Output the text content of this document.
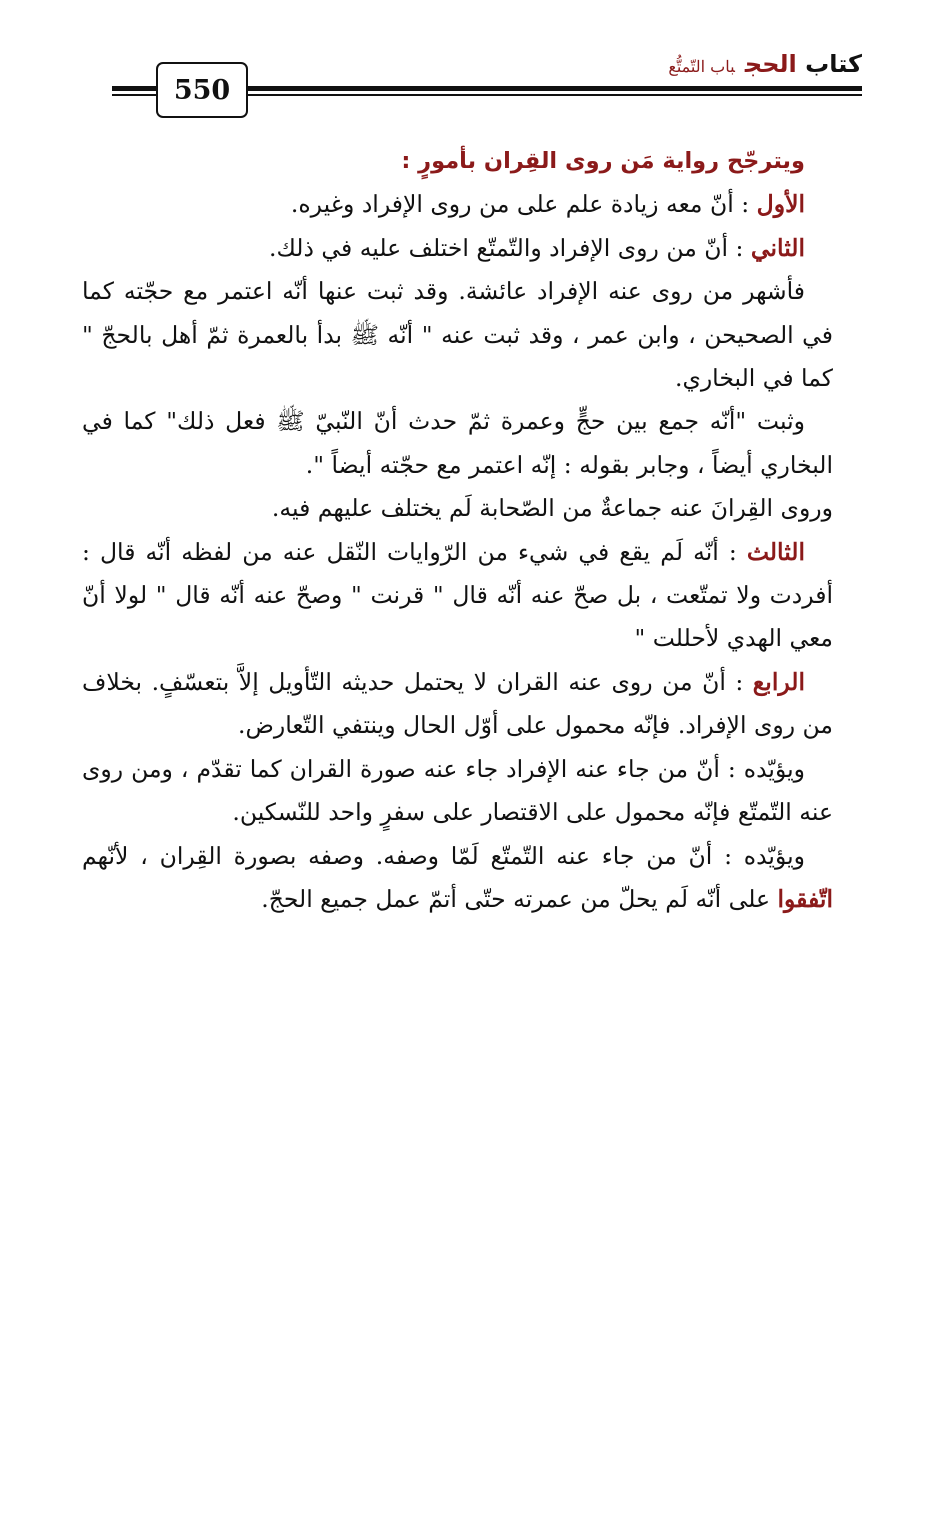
550
كتاب الحجباب التّمتُّع

ويترجّح رواية مَن روى القِران بأمورٍ :

الأول : أنّ معه زيادة علم على من روى الإفراد وغيره.

الثاني : أنّ من روى الإفراد والتّمتّع اختلف عليه في ذلك.

فأشهر من روى عنه الإفراد عائشة. وقد ثبت عنها أنّه اعتمر مع حجّته كما في الصحيحن ، وابن عمر ، وقد ثبت عنه " أنّه ﷺ بدأ بالعمرة ثمّ أهل بالحجّ " كما في البخاري.

وثبت "أنّه جمع بين حجٍّ وعمرة ثمّ حدث أنّ النّبيّ ﷺ فعل ذلك" كما في البخاري أيضاً ، وجابر بقوله : إنّه اعتمر مع حجّته أيضاً ".

وروى القِرانَ عنه جماعةٌ من الصّحابة لَم يختلف عليهم فيه.

الثالث : أنّه لَم يقع في شيء من الرّوايات النّقل عنه من لفظه أنّه قال : أفردت ولا تمتّعت ، بل صحّ عنه أنّه قال " قرنت " وصحّ عنه أنّه قال " لولا أنّ معي الهدي لأحللت "

الرابع : أنّ من روى عنه القران لا يحتمل حديثه التّأويل إلاَّ بتعسّفٍ. بخلاف من روى الإفراد. فإنّه محمول على أوّل الحال وينتفي التّعارض.

ويؤيّده : أنّ من جاء عنه الإفراد جاء عنه صورة القران كما تقدّم ، ومن روى عنه التّمتّع فإنّه محمول على الاقتصار على سفرٍ واحد للنّسكين.

ويؤيّده : أنّ من جاء عنه التّمتّع لَمّا وصفه. وصفه بصورة القِران ، لأنّهم اتّفقوا على أنّه لَم يحلّ من عمرته حتّى أتمّ عمل جميع الحجّ.
